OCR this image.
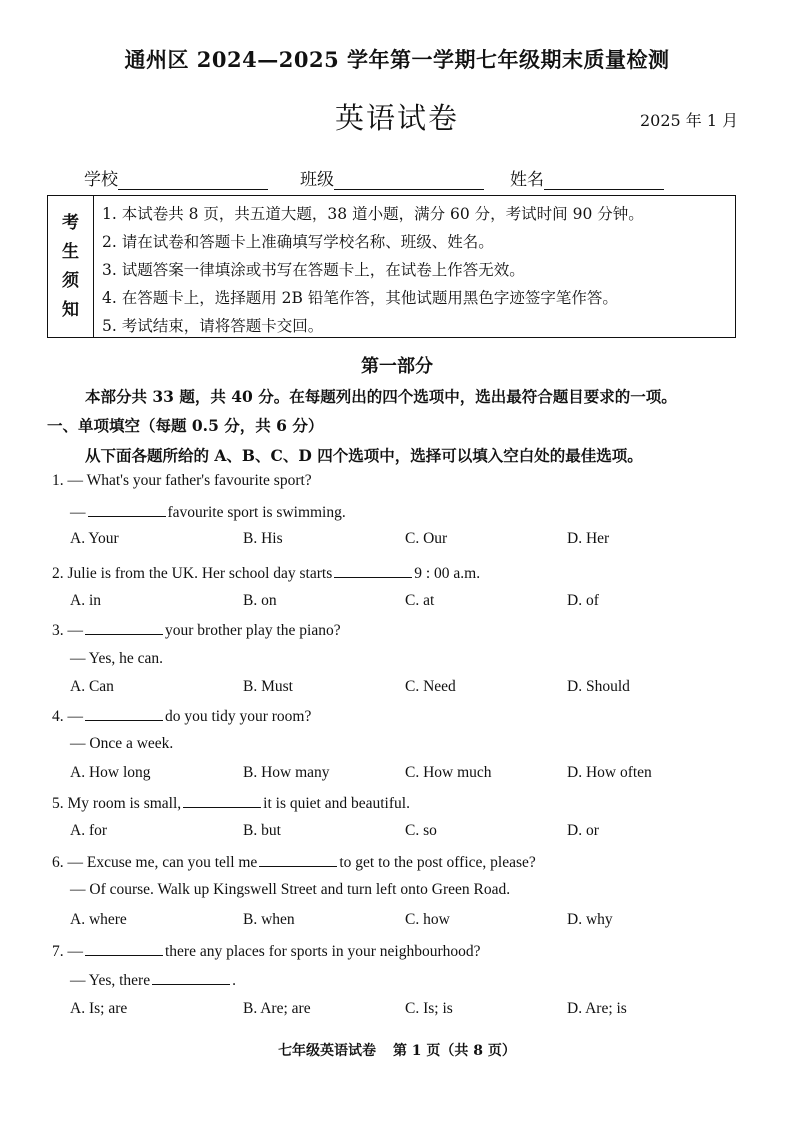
通州区 2024—2025 学年第一学期七年级期末质量检测
英语试卷	2025 年 1 月
学校	班级	姓名
考
生
须
知
1. 本试卷共 8 页，共五道大题，38 道小题，满分 60 分，考试时间 90 分钟。
2. 请在试卷和答题卡上准确填写学校名称、班级、姓名。
3. 试题答案一律填涂或书写在答题卡上，在试卷上作答无效。
4. 在答题卡上，选择题用 2B 铅笔作答，其他试题用黑色字迹签字笔作答。
5. 考试结束，请将答题卡交回。
第一部分
本部分共 33 题，共 40 分。在每题列出的四个选项中，选出最符合题目要求的一项。
一、单项填空（每题 0.5 分，共 6 分）
从下面各题所给的 A、B、C、D 四个选项中，选择可以填入空白处的最佳选项。
1. — What's your father's favourite sport?
—	favourite sport is swimming.
A. Your	B. His	C. Our	D. Her
2. Julie is from the UK. Her school day starts	9 : 00 a.m.
A. in	B. on	C. at	D. of
3. —	your brother play the piano?
— Yes, he can.
A. Can	B. Must	C. Need	D. Should
4. —	do you tidy your room?
— Once a week.
A. How long	B. How many	C. How much	D. How often
5. My room is small,	it is quiet and beautiful.
A. for	B. but	C. so	D. or
6. — Excuse me, can you tell me	to get to the post office, please?
— Of course. Walk up Kingswell Street and turn left onto Green Road.
A. where	B. when	C. how	D. why
7. —	there any places for sports in your neighbourhood?
— Yes, there	.
A. Is; are	B. Are; are	C. Is; is	D. Are; is
七年级英语试卷 第 1 页（共 8 页）
